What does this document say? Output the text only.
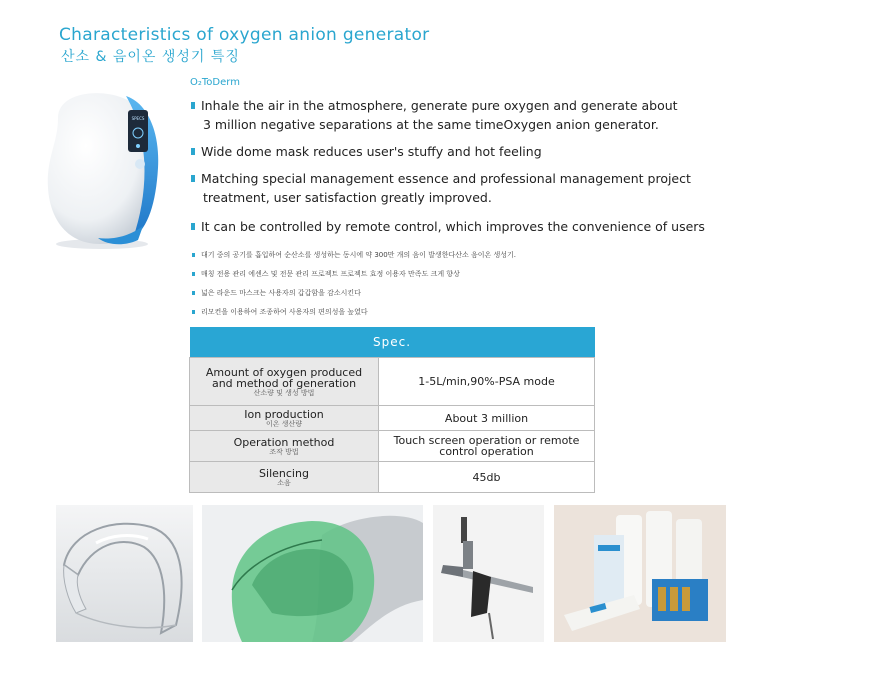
Characteristics of oxygen anion generator
산소 & 음이온 생성기 특징
O₂ToDerm
SPECS
Inhale the air in the atmosphere, generate pure oxygen and generate about
3 million negative separations at the same timeOxygen anion generator.
Wide dome mask reduces user's stuffy and hot feeling
Matching special management essence and professional management project
treatment, user satisfaction greatly improved.
It can be controlled by remote control, which improves the convenience of users
대기 중의 공기를 흡입하여 순산소를 생성하는 동시에 약 300만 개의 음이 발생한다산소 음이온 생성기.
매칭 전용 관리 에센스 및 전문 관리 프로젝트 프로젝트 효정 이용자 만족도 크게 향상
넓은 라운드 마스크는 사용자의 갑갑함을 감소시킨다
리모컨을 이용하여 조종하여 사용자의 편의성을 높였다
Spec.	
Amount of oxygen produced and method of generation
산소량 및 생성 방법	1-5L/min,90%-PSA mode
Ion production
이온 생산량	About 3 million
Operation method
조작 방법	Touch screen operation or remote control operation
Silencing
소음	45db
